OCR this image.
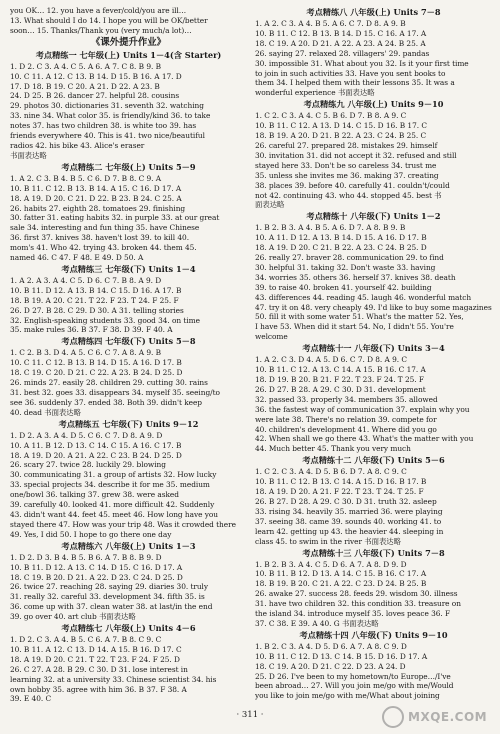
you OK… 12. you have a fever/cold/you are ill…
13. What should I do 14. I hope you will be OK/better
soon… 15. Thanks/Thank you (very much/a lot)…
《课外提升作业》
考点精练一 七年级(上) Units 1－4(含 Starter)
1. D 2. C 3. A 4. C 5. A 6. A 7. C 8. B 9. B
10. C 11. A 12. C 13. B 14. D 15. B 16. A 17. D
17. D 18. B 19. C 20. A 21. D 22. A 23. B
24. D 25. B 26. dancer 27. helpful 28. cousins
29. photos 30. dictionaries 31. seventh 32. watching
33. nine 34. What color 35. is friendly/kind 36. to take
notes 37. has two children 38. is white too 39. has
friends everywhere 40. This is 41. two nice/beautiful
radios 42. his bike 43. Alice's eraser
书面表达略
考点精练二 七年级(上) Units 5－9
1. A 2. C 3. B 4. B 5. C 6. D 7. B 8. C 9. A
10. B 11. C 12. B 13. B 14. A 15. C 16. D 17. A
18. A 19. D 20. C 21. D 22. B 23. B 24. C 25. A
26. habits 27. eighth 28. tomatoes 29. finishing
30. fatter 31. eating habits 32. in purple 33. at our great
sale 34. interesting and fun thing 35. have Chinese
36. first 37. knives 38. haven't lost 39. to kill 40.
mom's 41. Who 42. trying 43. broken 44. them 45.
named 46. C 47. F 48. E 49. D 50. A
考点精练三 七年级(下) Units 1－4
1. A 2. A 3. A 4. C 5. D 6. C 7. B 8. A 9. D
10. B 11. D 12. A 13. B 14. C 15. D 16. A 17. B
18. B 19. A 20. C 21. T 22. F 23. T 24. F 25. F
26. D 27. B 28. C 29. D 30. A 31. telling stories
32. English-speaking students 33. good 34. on time
35. make rules 36. B 37. F 38. D 39. F 40. A
考点精练四 七年级(下) Units 5－8
1. C 2. B 3. D 4. A 5. C 6. C 7. A 8. A 9. B
10. C 11. C 12. B 13. B 14. D 15. A 16. D 17. B
18. C 19. C 20. D 21. C 22. A 23. B 24. D 25. D
26. minds 27. easily 28. children 29. cutting 30. rains
31. best 32. goes 33. disappears 34. myself 35. seeing/to
see 36. suddenly 37. ended 38. Both 39. didn't keep
40. dead 书面表达略
考点精练五 七年级(下) Units 9－12
1. D 2. A 3. A 4. D 5. C 6. C 7. D 8. A 9. D
10. A 11. B 12. D 13. C 14. C 15. A 16. C 17. B
18. A 19. D 20. A 21. A 22. C 23. B 24. D 25. D
26. scary 27. twice 28. luckily 29. blowing
30. communicating 31. a group of artists 32. How lucky
33. special projects 34. describe it for me 35. medium
one/bowl 36. talking 37. grew 38. were asked
39. carefully 40. looked 41. more difficult 42. Suddenly
43. didn't want 44. feet 45. meet 46. How long have you
stayed there 47. How was your trip 48. Was it crowded there
49. Yes, I did 50. I hope to go there one day
考点精练六 八年级(上) Units 1－3
1. D 2. D 3. B 4. B 5. B 6. A 7. B 8. B 9. D
10. B 11. D 12. A 13. C 14. D 15. C 16. D 17. A
18. C 19. B 20. D 21. A 22. D 23. C 24. D 25. D
26. twice 27. reaching 28. saying 29. diaries 30. truly
31. really 32. careful 33. development 34. fifth 35. is
36. come up with 37. clean water 38. at last/in the end
39. go over 40. art club 书面表达略
考点精练七 八年级(上) Units 4－6
1. D 2. C 3. A 4. B 5. C 6. A 7. B 8. C 9. C
10. B 11. A 12. C 13. D 14. A 15. B 16. D 17. C
18. A 19. D 20. C 21. T 22. T 23. F 24. F 25. D
26. C 27. A 28. B 29. C 30. D 31. lose interest in
learning 32. at a university 33. Chinese scientist 34. his
own hobby 35. agree with him 36. B 37. F 38. A
39. E 40. C
考点精练八 八年级(上) Units 7－8
1. A 2. C 3. A 4. B 5. A 6. C 7. D 8. A 9. B
10. B 11. C 12. B 13. B 14. D 15. C 16. A 17. A
18. C 19. A 20. D 21. A 22. A 23. A 24. B 25. A
26. saying 27. relaxed 28. villagers' 29. pandas
30. impossible 31. What about you 32. Is it your first time
to join in such activities 33. Have you sent books to
them 34. I helped them with their lessons 35. It was a
wonderful experience 书面表达略
考点精练九 八年级(上) Units 9－10
1. C 2. C 3. A 4. C 5. B 6. D 7. B 8. A 9. C
10. B 11. C 12. A 13. D 14. C 15. D 16. B 17. C
18. B 19. A 20. D 21. B 22. A 23. C 24. B 25. C
26. careful 27. prepared 28. mistakes 29. himself
30. invitation 31. did not accept it 32. refused and still
stayed here 33. Don't be so careless 34. trust me
35. unless she invites me 36. making 37. creating
38. places 39. before 40. carefully 41. couldn't/could
not 42. continuing 43. who 44. stopped 45. best 书
面表达略
考点精练十 八年级(下) Units 1－2
1. B 2. B 3. A 4. B 5. A 6. D 7. A 8. B 9. B
10. A 11. D 12. A 13. B 14. D 15. A 16. D 17. B
18. A 19. D 20. C 21. B 22. A 23. C 24. B 25. D
26. really 27. braver 28. communication 29. to find
30. helpful 31. taking 32. Don't waste 33. having
34. worries 35. others 36. herself 37. knives 38. death
39. to raise 40. broken 41. yourself 42. building
43. differences 44. reading 45. laugh 46. wonderful match
47. try it on 48. very cheaply 49. I'd like to buy some magazines
50. fill it with some water 51. What's the matter 52. Yes,
I have 53. When did it start 54. No, I didn't 55. You're
welcome
考点精练十一 八年级(下) Units 3－4
1. A 2. C 3. D 4. A 5. D 6. C 7. D 8. A 9. C
10. B 11. C 12. A 13. C 14. A 15. B 16. C 17. A
18. D 19. B 20. B 21. F 22. T 23. F 24. T 25. F
26. D 27. B 28. A 29. C 30. D 31. development
32. passed 33. properly 34. members 35. allowed
36. the fastest way of communication 37. explain why you
were late 38. There's no relation 39. compete for
40. children's development 41. Where did you go
42. When shall we go there 43. What's the matter with you
44. Much better 45. Thank you very much
考点精练十二 八年级(下) Units 5－6
1. C 2. C 3. A 4. D 5. B 6. D 7. A 8. C 9. C
10. B 11. C 12. B 13. C 14. A 15. D 16. B 17. B
18. A 19. D 20. A 21. F 22. T 23. T 24. T 25. F
26. B 27. D 28. A 29. C 30. D 31. truth 32. asleep
33. rising 34. heavily 35. married 36. were playing
37. seeing 38. came 39. sounds 40. working 41. to
learn 42. getting up 43. the heavier 44. sleeping in
class 45. to swim in the river 书面表达略
考点精练十三 八年级(下) Units 7－8
1. B 2. B 3. A 4. C 5. D 6. A 7. A 8. D 9. D
10. B 11. B 12. D 13. A 14. C 15. B 16. C 17. A
18. B 19. B 20. C 21. A 22. C 23. D 24. B 25. B
26. awake 27. success 28. feeds 29. wisdom 30. illness
31. have two children 32. this condition 33. treasure on
the island 34. introduce myself 35. loves peace 36. F
37. C 38. E 39. A 40. G 书面表达略
考点精练十四 八年级(下) Units 9－10
1. B 2. C 3. A 4. D 5. D 6. A 7. A 8. C 9. D
10. B 11. C 12. D 13. C 14. B 15. D 16. D 17. A
18. C 19. A 20. D 21. C 22. D 23. A 24. D
25. D 26. I've been to my hometown/to Europe…/I've
been abroad… 27. Will you join me/go with me/Would
you like to join me/go with me/What about joining
· 311 ·	MXQE.COM
